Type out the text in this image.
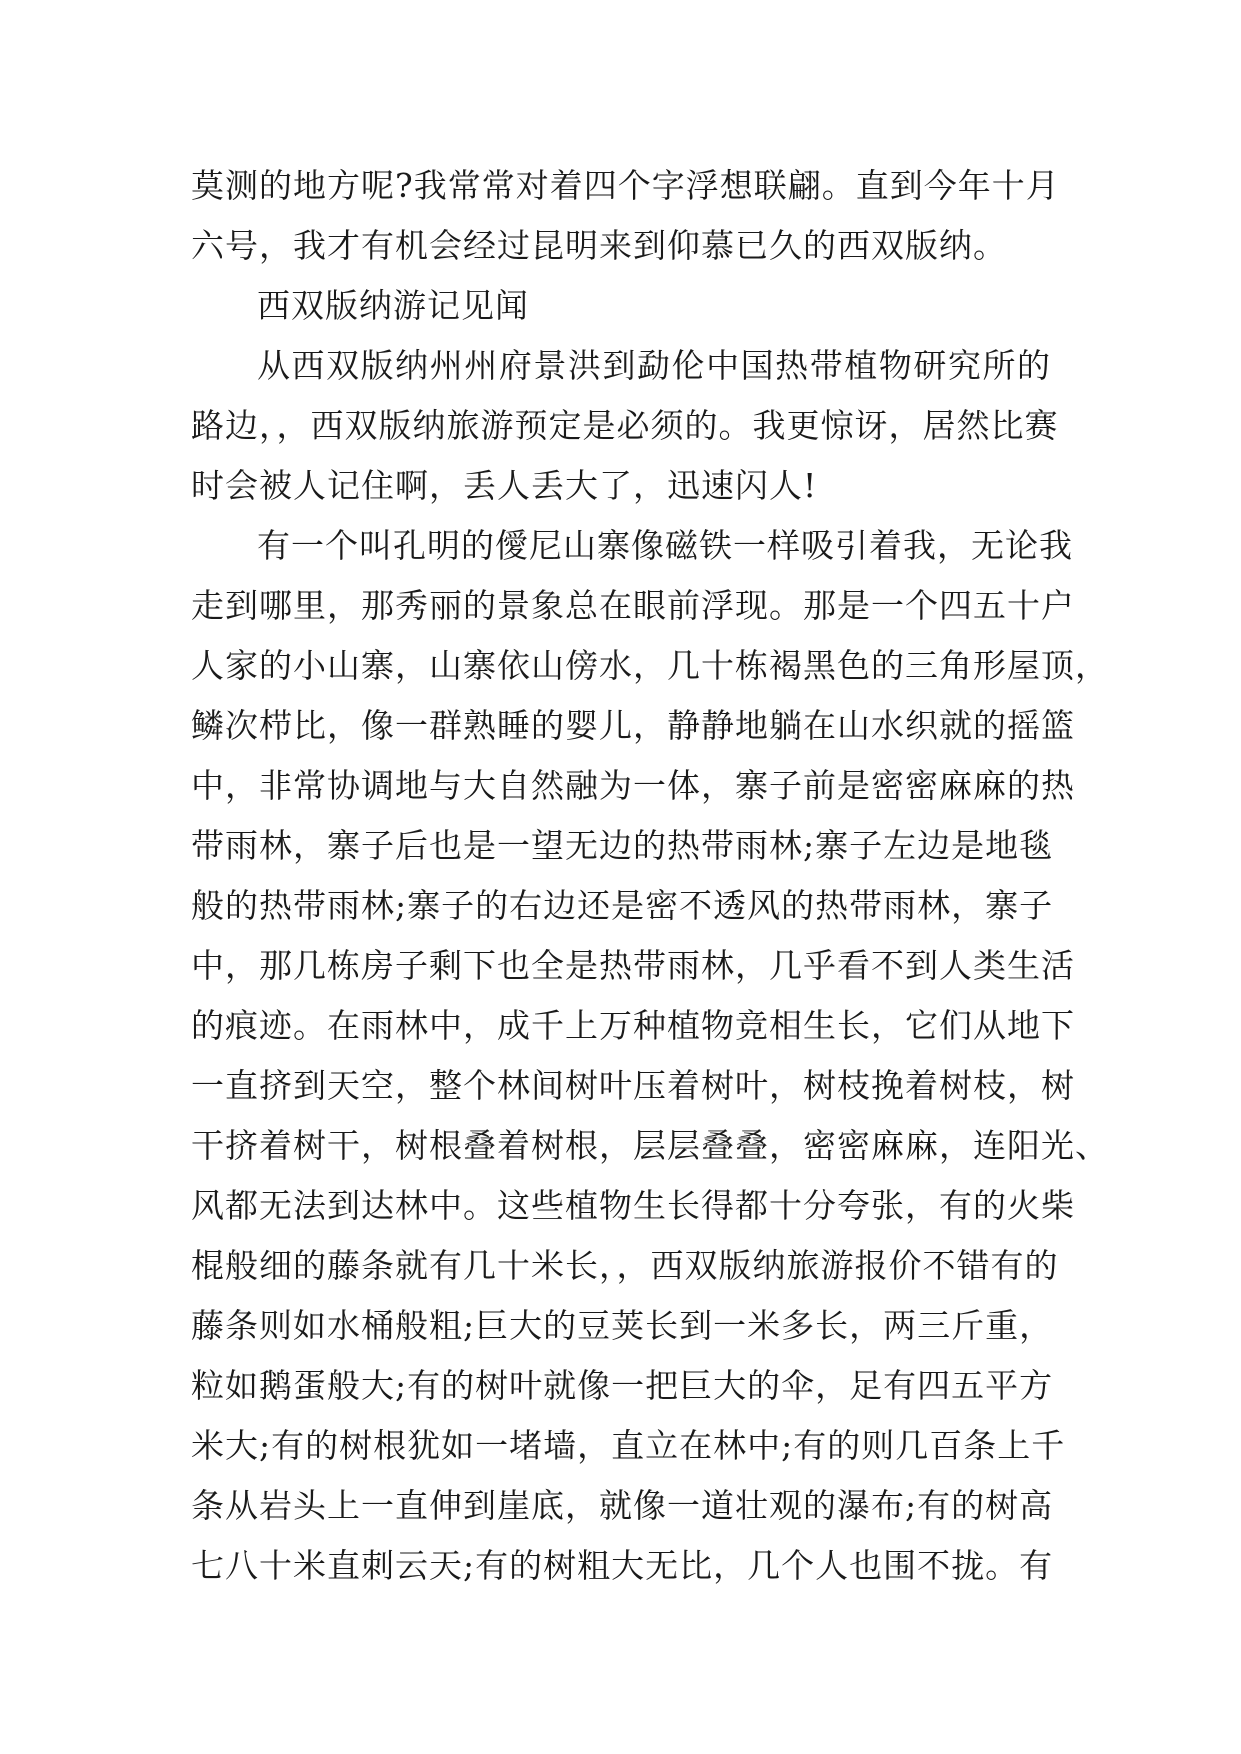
莫测的地方呢?我常常对着四个字浮想联翩。直到今年十月
六号，我才有机会经过昆明来到仰慕已久的西双版纳。
西双版纳游记见闻
从西双版纳州州府景洪到勐伦中国热带植物研究所的
路边，，西双版纳旅游预定是必须的。我更惊讶，居然比赛
时会被人记住啊，丢人丢大了，迅速闪人!
有一个叫孔明的僾尼山寨像磁铁一样吸引着我，无论我
走到哪里，那秀丽的景象总在眼前浮现。那是一个四五十户
人家的小山寨，山寨依山傍水，几十栋褐黑色的三角形屋顶，
鳞次栉比，像一群熟睡的婴儿，静静地躺在山水织就的摇篮
中，非常协调地与大自然融为一体，寨子前是密密麻麻的热
带雨林，寨子后也是一望无边的热带雨林;寨子左边是地毯
般的热带雨林;寨子的右边还是密不透风的热带雨林，寨子
中，那几栋房子剩下也全是热带雨林，几乎看不到人类生活
的痕迹。在雨林中，成千上万种植物竞相生长，它们从地下
一直挤到天空，整个林间树叶压着树叶，树枝挽着树枝，树
干挤着树干，树根叠着树根，层层叠叠，密密麻麻，连阳光、
风都无法到达林中。这些植物生长得都十分夸张，有的火柴
棍般细的藤条就有几十米长，，西双版纳旅游报价不错有的
藤条则如水桶般粗;巨大的豆荚长到一米多长，两三斤重，
粒如鹅蛋般大;有的树叶就像一把巨大的伞，足有四五平方
米大;有的树根犹如一堵墙，直立在林中;有的则几百条上千
条从岩头上一直伸到崖底，就像一道壮观的瀑布;有的树高
七八十米直刺云天;有的树粗大无比，几个人也围不拢。有
